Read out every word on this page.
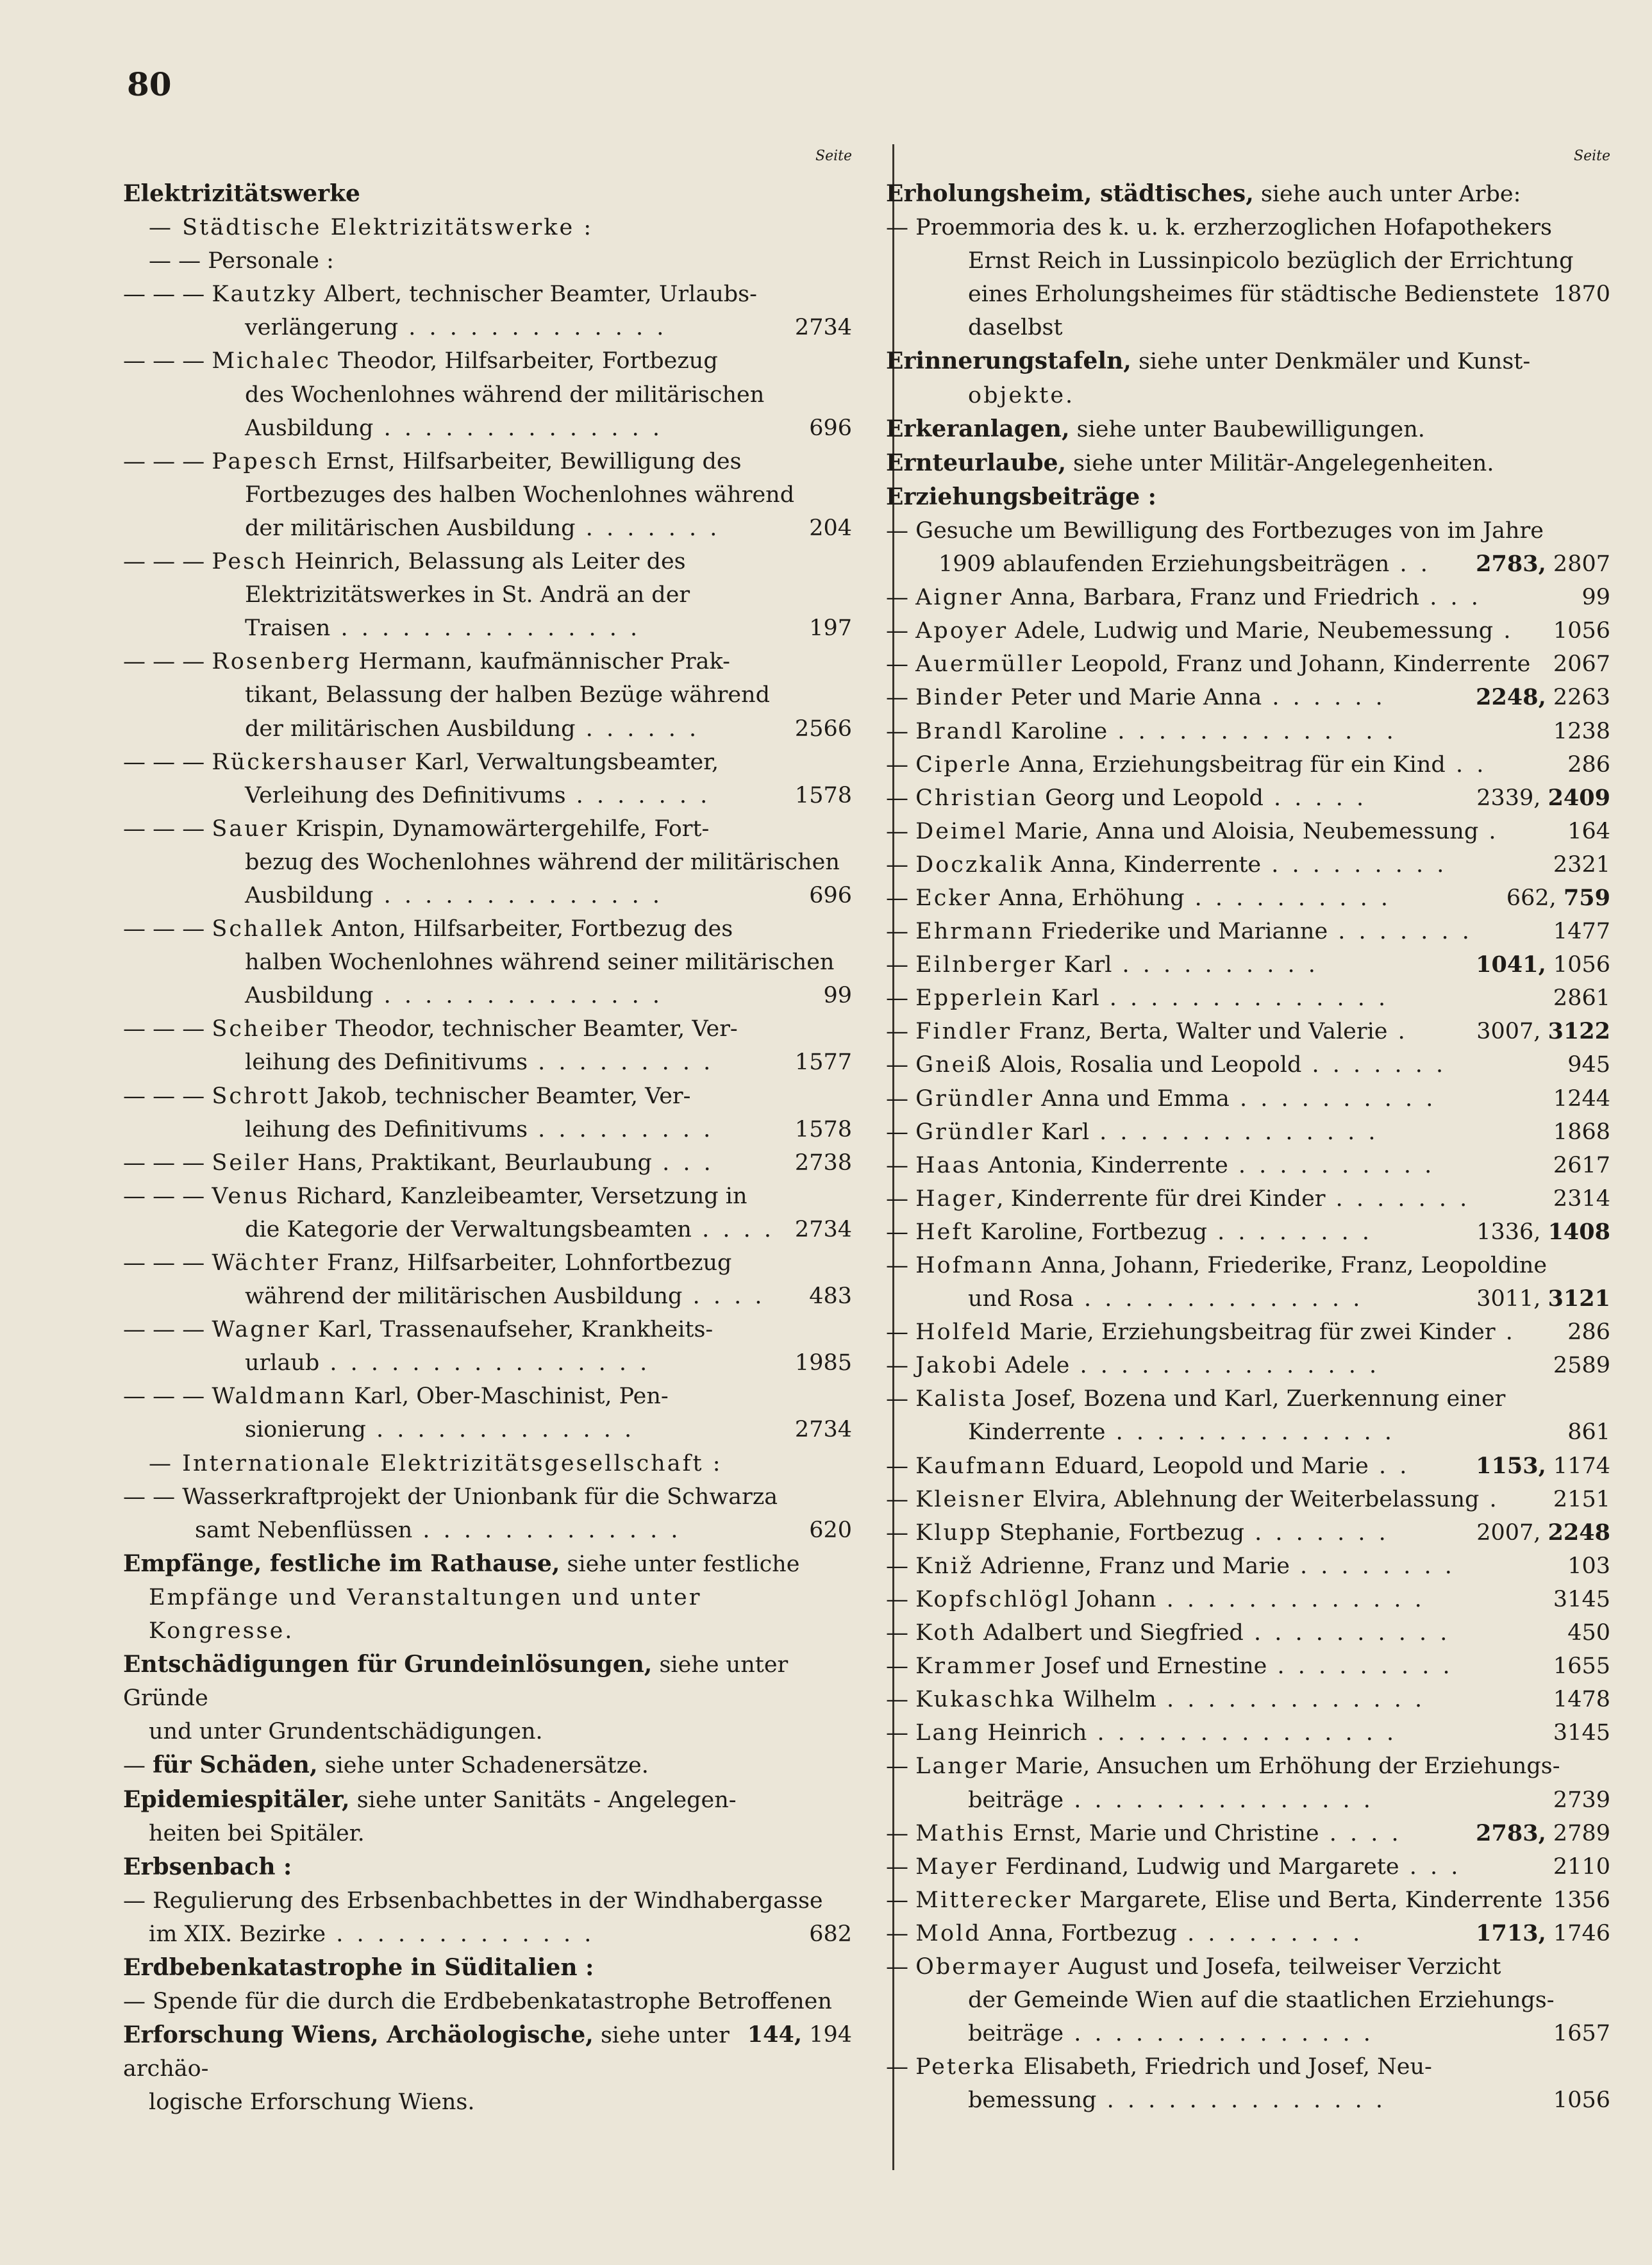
80
Seite
Elektrizitätswerke
— Städtische Elektrizitätswerke :
— — Personale :
— — — Kautzky Albert, technischer Beamter, Urlaubs-
2734
verlängerung . . . . . . . . . . . . .
— — — Michalec Theodor, Hilfsarbeiter, Fortbezug
des Wochenlohnes während der militärischen
696
Ausbildung . . . . . . . . . . . . . .
— — — Papesch Ernst, Hilfsarbeiter, Bewilligung des
Fortbezuges des halben Wochenlohnes während
204
der militärischen Ausbildung . . . . . . .
— — — Pesch Heinrich, Belassung als Leiter des
Elektrizitätswerkes in St. Andrä an der
197
Traisen . . . . . . . . . . . . . . .
— — — Rosenberg Hermann, kaufmännischer Prak-
tikant, Belassung der halben Bezüge während
2566
der militärischen Ausbildung . . . . . .
— — — Rückershauser Karl, Verwaltungsbeamter,
1578
Verleihung des Definitivums . . . . . . .
— — — Sauer Krispin, Dynamowärtergehilfe, Fort-
bezug des Wochenlohnes während der militärischen
696
Ausbildung . . . . . . . . . . . . . .
— — — Schallek Anton, Hilfsarbeiter, Fortbezug des
halben Wochenlohnes während seiner militärischen
99
Ausbildung . . . . . . . . . . . . . .
— — — Scheiber Theodor, technischer Beamter, Ver-
1577
leihung des Definitivums . . . . . . . . .
— — — Schrott Jakob, technischer Beamter, Ver-
1578
leihung des Definitivums . . . . . . . . .
2738
— — — Seiler Hans, Praktikant, Beurlaubung . . .
— — — Venus Richard, Kanzleibeamter, Versetzung in
2734
die Kategorie der Verwaltungsbeamten . . . .
— — — Wächter Franz, Hilfsarbeiter, Lohnfortbezug
483
während der militärischen Ausbildung . . . .
— — — Wagner Karl, Trassenaufseher, Krankheits-
1985
urlaub . . . . . . . . . . . . . . . .
— — — Waldmann Karl, Ober-Maschinist, Pen-
2734
sionierung . . . . . . . . . . . . .
— Internationale Elektrizitätsgesellschaft :
— — Wasserkraftprojekt der Unionbank für die Schwarza
620
samt Nebenflüssen . . . . . . . . . . . . .
Empfänge, festliche im Rathause, siehe unter festliche
Empfänge und Veranstaltungen und unter
Kongresse.
Entschädigungen für Grundeinlösungen, siehe unter Gründe
und unter Grundentschädigungen.
— für Schäden, siehe unter Schadenersätze.
Epidemiespitäler, siehe unter Sanitäts - Angelegen-
heiten bei Spitäler.
Erbsenbach :
— Regulierung des Erbsenbachbettes in der Windhabergasse
682
im XIX. Bezirke . . . . . . . . . . . . .
Erdbebenkatastrophe in Süditalien :
— Spende für die durch die Erdbebenkatastrophe Betroffenen
144, 194
Erforschung Wiens, Archäologische, siehe unter archäo-
logische Erforschung Wiens.
Seite
Erholungsheim, städtisches, siehe auch unter Arbe:
— Proemmoria des k. u. k. erzherzoglichen Hofapothekers
Ernst Reich in Lussinpicolo bezüglich der Errichtung
1870
eines Erholungsheimes für städtische Bedienstete daselbst
Erinnerungstafeln, siehe unter Denkmäler und Kunst-
objekte.
Erkeranlagen, siehe unter Baubewilligungen.
Ernteurlaube, siehe unter Militär-Angelegenheiten.
Erziehungsbeiträge :
— Gesuche um Bewilligung des Fortbezuges von im Jahre
2783, 2807
1909 ablaufenden Erziehungsbeiträgen . .
99
— Aigner Anna, Barbara, Franz und Friedrich . . .
1056
— Apoyer Adele, Ludwig und Marie, Neubemessung .
2067
— Auermüller Leopold, Franz und Johann, Kinderrente
2248, 2263
— Binder Peter und Marie Anna . . . . . .
1238
— Brandl Karoline . . . . . . . . . . . . . .
286
— Ciperle Anna, Erziehungsbeitrag für ein Kind . .
2339, 2409
— Christian Georg und Leopold . . . . .
164
— Deimel Marie, Anna und Aloisia, Neubemessung .
2321
— Doczkalik Anna, Kinderrente . . . . . . . . .
662, 759
— Ecker Anna, Erhöhung . . . . . . . . . .
1477
— Ehrmann Friederike und Marianne . . . . . . .
1041, 1056
— Eilnberger Karl . . . . . . . . . .
2861
— Epperlein Karl . . . . . . . . . . . . . .
3007, 3122
— Findler Franz, Berta, Walter und Valerie .
945
— Gneiß Alois, Rosalia und Leopold . . . . . . .
1244
— Gründler Anna und Emma . . . . . . . . . .
1868
— Gründler Karl . . . . . . . . . . . . . .
2617
— Haas Antonia, Kinderrente . . . . . . . . . .
2314
— Hager, Kinderrente für drei Kinder . . . . . . .
1336, 1408
— Heft Karoline, Fortbezug . . . . . . . .
— Hofmann Anna, Johann, Friederike, Franz, Leopoldine
3011, 3121
und Rosa . . . . . . . . . . . . . .
286
— Holfeld Marie, Erziehungsbeitrag für zwei Kinder .
2589
— Jakobi Adele . . . . . . . . . . . . . . .
— Kalista Josef, Bozena und Karl, Zuerkennung einer
861
Kinderrente . . . . . . . . . . . . . .
1153, 1174
— Kaufmann Eduard, Leopold und Marie . .
2151
— Kleisner Elvira, Ablehnung der Weiterbelassung .
2007, 2248
— Klupp Stephanie, Fortbezug . . . . . . .
103
— Kniž Adrienne, Franz und Marie . . . . . . . .
3145
— Kopfschlögl Johann . . . . . . . . . . . . .
450
— Koth Adalbert und Siegfried . . . . . . . . . .
1655
— Krammer Josef und Ernestine . . . . . . . . .
1478
— Kukaschka Wilhelm . . . . . . . . . . . . .
3145
— Lang Heinrich . . . . . . . . . . . . . . .
— Langer Marie, Ansuchen um Erhöhung der Erziehungs-
2739
beiträge . . . . . . . . . . . . . . .
2783, 2789
— Mathis Ernst, Marie und Christine . . . .
2110
— Mayer Ferdinand, Ludwig und Margarete . . .
1356
— Mitterecker Margarete, Elise und Berta, Kinderrente
1713, 1746
— Mold Anna, Fortbezug . . . . . . . . .
— Obermayer August und Josefa, teilweiser Verzicht
der Gemeinde Wien auf die staatlichen Erziehungs-
1657
beiträge . . . . . . . . . . . . . . .
— Peterka Elisabeth, Friedrich und Josef, Neu-
1056
bemessung . . . . . . . . . . . . . .
